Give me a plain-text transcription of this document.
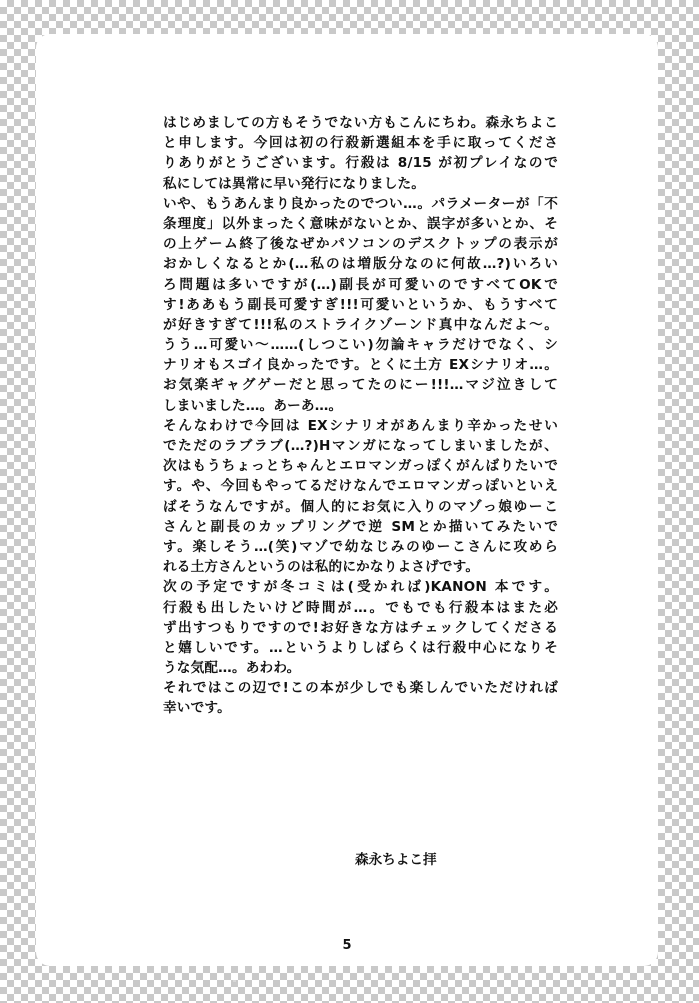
はじめましての方もそうでない方もこんにちわ。森永ちよこ
と申します。今回は初の行殺新選組本を手に取ってくださ
りありがとうございます。行殺は 8/15 が初プレイなので
私にしては異常に早い発行になりました。
いや、もうあんまり良かったのでつい…。パラメーターが「不
条理度」以外まったく意味がないとか、誤字が多いとか、そ
の上ゲーム終了後なぜかパソコンのデスクトップの表示が
おかしくなるとか(…私のは増版分なのに何故…?)いろい
ろ問題は多いですが(…)副長が可愛いのですべてOKで
す!ああもう副長可愛すぎ!!!可愛いというか、もうすべて
が好きすぎて!!!私のストライクゾーンド真中なんだよ～。
うう…可愛い～……(しつこい)勿論キャラだけでなく、シ
ナリオもスゴイ良かったです。とくに土方 EXシナリオ…。
お気楽ギャグゲーだと思ってたのにー!!!…マジ泣きして
しまいました…。あーあ…。
そんなわけで今回は EXシナリオがあんまり辛かったせい
でただのラブラブ(…?)Hマンガになってしまいましたが、
次はもうちょっとちゃんとエロマンガっぽくがんばりたいで
す。や、今回もやってるだけなんでエロマンガっぽいといえ
ばそうなんですが。個人的にお気に入りのマゾっ娘ゆーこ
さんと副長のカップリングで逆 SMとか描いてみたいで
す。楽しそう…(笑)マゾで幼なじみのゆーこさんに攻めら
れる土方さんというのは私的にかなりよさげです。
次の予定ですが冬コミは(受かれば)KANON 本です。
行殺も出したいけど時間が…。でもでも行殺本はまた必
ず出すつもりですので!お好きな方はチェックしてくださる
と嬉しいです。…というよりしばらくは行殺中心になりそ
うな気配…。あわわ。
それではこの辺で!この本が少しでも楽しんでいただければ
幸いです。
森永ちよこ拝
5
